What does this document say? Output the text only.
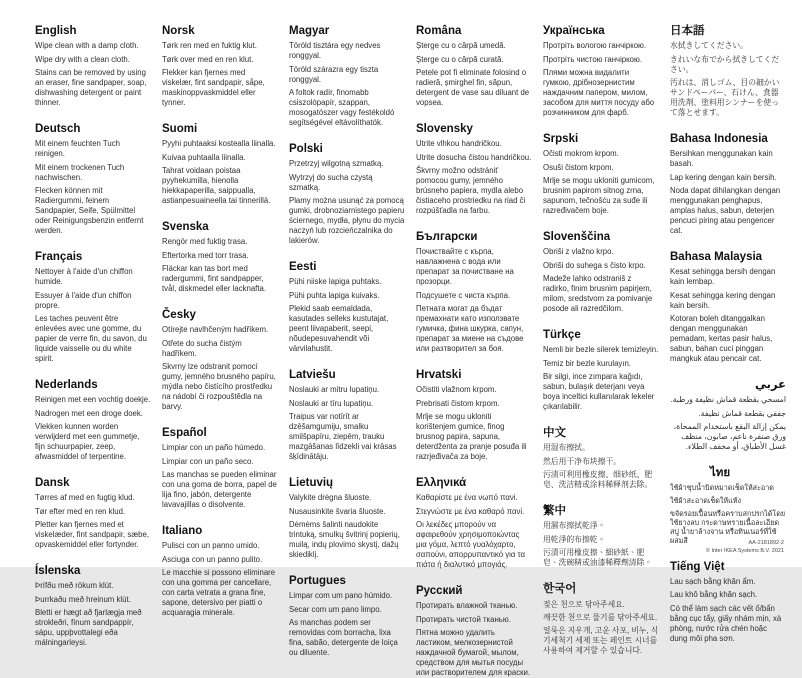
English

Wipe clean with a damp cloth.

Wipe dry with a clean cloth.

Stains can be removed by using an eraser, fine sandpaper, soap, dishwashing detergent or paint thinner.

Deutsch

Mit einem feuchten Tuch reinigen.

Mit einem trockenen Tuch nachwischen.

Flecken können mit Radiergummi, feinem Sandpapier, Seife, Spülmittel oder Reinigungsbenzin entfernt werden.

Français

Nettoyer à l'aide d'un chiffon humide.

Essuyer à l'aide d'un chiffon propre.

Les taches peuvent être enlevées avec une gomme, du papier de verre fin, du savon, du liquide vaisselle ou du white spirit.

Nederlands

Reinigen met een vochtig doekje.

Nadrogen met een droge doek.

Vlekken kunnen worden verwijderd met een gummetje, fijn schuurpapier, zeep, afwasmiddel of terpentine.

Dansk

Tørres af med en fugtig klud.

Tør efter med en ren klud.

Pletter kan fjernes med et viskelæder, fint sandpapir, sæbe, opvaskemiddel eller fortynder.

Íslenska

Þrífðu með rökum klút.

Þurrkaðu með hreinum klút.

Bletti er hægt að fjarlægja með strokleðri, fínum sandpappír, sápu, uppþvottalegi eða málningarleysi.

Norsk

Tørk ren med en fuktig klut.

Tørk over med en ren klut.

Flekker kan fjernes med viskelær, fint sandpapir, såpe, maskinoppvaskmiddel eller tynner.

Suomi

Pyyhi puhtaaksi kostealla liinalla.

Kuivaa puhtaalla liinalla.

Tahrat voidaan poistaa pyyhekumilla, hienolla hiekkapaperilla, saippualla, astianpesuaineella tai tinnerillä.

Svenska

Rengör med fuktig trasa.

Eftertorka med torr trasa.

Fläckar kan tas bort med radergummi, fint sandpapper, tvål, diskmedel eller lacknafta.

Česky

Otírejte navlhčeným hadříkem.

Otřete do sucha čistým hadříkem.

Skvrny lze odstranit pomocí gumy, jemného brusného papíru, mýdla nebo čistícího prostředku na nádobí či rozpouštědla na barvy.

Español

Limpiar con un paño húmedo.

Limpiar con un paño seco.

Las manchas se pueden eliminar con una goma de borra, papel de lija fino, jabón, detergente lavavajillas o disolvente.

Italiano

Pulisci con un panno umido.

Asciuga con un panno pulito.

Le macchie si possono eliminare con una gomma per cancellare, con carta vetrata a grana fine, sapone, detersivo per piatti o acquaragia minerale.

Magyar

Töröld tisztára egy nedves ronggyal.

Töröld szárazra egy tiszta ronggyal.

A foltok radír, finomabb csiszolópapír, szappan, mosogatószer vagy festékoldó segítségével eltávolíthatók.

Polski

Przetrzyj wilgotną szmatką.

Wytrzyj do sucha czystą szmatką.

Plamy można usunąć za pomocą gumki, drobnoziarnistego papieru ściernego, mydła, płynu do mycia naczyń lub rozcieńczalnika do lakierów.

Eesti

Pühi niiske lapiga puhtaks.

Pühi puhta lapiga kuivaks.

Plekid saab eemaldada, kasutades selleks kustutajat, peent liivapaberit, seepi, nõudepesuvahendit või värvilahustit.

Latviešu

Noslauki ar mitru lupatiņu.

Noslauki ar tīru lupatiņu.

Traipus var notīrīt ar dzēšamgumiju, smalku smilšpapīru, ziepēm, trauku mazgāšanas līdzekli vai krāsas šķīdinātāju.

Lietuvių

Valykite drėgna šluoste.

Nusausinkite švaria šluoste.

Dėmėms šalinti naudokite trintuką, smulkų švitrinį popierių, muilą, indų plovimo skystį, dažų skiediklį.

Portugues

Limpar com um pano húmido.

Secar com um pano limpo.

As manchas podem ser removidas com borracha, lixa fina, sabão, detergente de loiça ou diluente.

Româna

Șterge cu o cârpă umedă.

Șterge cu o cârpă curată.

Petele pot fi eliminate folosind o radieră, șmirghel fin, săpun, detergent de vase sau diluant de vopsea.

Slovensky

Utrite vlhkou handričkou.

Utrite dosucha čistou handričkou.

Škvrny možno odstrániť pomocou gumy, jemného brúsneho papiera, mydla alebo čistiaceho prostriedku na riad či rozpúšťadla na farbu.

Български

Почиствайте с кърпа, навлажнена с вода или препарат за почистване на прозорци.

Подсушете с чиста кърпа.

Петната могат да бъдат премахнати като използвате гумичка, фина шкурка, сапун, препарат за миене на съдове или разтворител за боя.

Hrvatski

Očistiti vlažnom krpom.

Prebrisati čistom krpom.

Mrlje se mogu ukloniti korištenjem gumice, finog brusnog papira, sapuna, deterdženta za pranje posuđa ili razrjeđivača za boje.

Ελληνικά

Καθαρίστε με ένα νωπό πανί.

Στεγνώστε με ένα καθαρό πανί.

Οι λεκέδες μπορούν να αφαιρεθούν χρησιμοποιώντας μια γόμα, λεπτό γυαλόχαρτο, σαπούνι, απορρυπαντικό για τα πιάτα ή διαλυτικό μπογιάς.

Русский

Протирать влажной тканью.

Протирать чистой тканью.

Пятна можно удалить ластиком, мелкозернистой наждачной бумагой, мылом, средством для мытья посуды или растворителем для краски.

Українська

Протріть вологою ганчіркою.

Протріть чистою ганчіркою.

Плями можна видалити гумкою, дрібнозернистим наждачним папером, милом, засобом для миття посуду або розчинником для фарб.

Srpski

Očisti mokrom krpom.

Osuši čistom krpom.

Mrlje se mogu ukloniti gumicom, brusnim papirom sitnog zrna, sapunom, tečnošću za suđe ili razređivačem boje.

Slovenščina

Obriši z vlažno krpo.

Obriši do suhega s čisto krpo.

Madeže lahko odstraniš z radirko, finim brusnim papirjem, milom, sredstvom za pomivanje posode ali razredčilom.

Türkçe

Nemli bir bezle silerek temizleyin.

Temiz bir bezle kurulayın.

Bir silgi, ince zımpara kağıdı, sabun, bulaşık deterjanı veya boya inceltici kullanılarak lekeler çıkarılabilir.

中文

用湿布擦拭。

然后用干净布块擦干。

污渍可利用橡皮擦、细砂纸、肥皂、洗洁精或涂料稀释剂去除。

繁中

用濕布擦拭乾淨。

用乾淨的布擦乾。

污漬可用橡皮擦、細砂紙、肥皂、洗碗精或油漆稀釋劑清除。

한국어

젖은 천으로 닦아주세요.

깨끗한 천으로 물기를 닦아주세요.

얼룩은 지우개, 고운 사포, 비누, 식기세척기 세제 또는 페인트 시너를 사용하여 제거할 수 있습니다.

日本語

水拭きしてください。

きれいな布でから拭きしてください。

汚れは、消しゴム、目の細かいサンドペーパー、石けん、食器用洗剤、塗料用シンナーを使って落とせます。

Bahasa Indonesia

Bersihkan menggunakan kain basah.

Lap kering dengan kain bersih.

Noda dapat dihilangkan dengan menggunakan penghapus, amplas halus, sabun, deterjen pencuci piring atau pengencer cat.

Bahasa Malaysia

Kesat sehingga bersih dengan kain lembap.

Kesat sehingga kering dengan kain bersih.

Kotoran boleh ditanggalkan dengan menggunakan pemadam, kertas pasir halus, sabun, bahan cuci pinggan mangkuk atau pencair cat.

عربي

امسحي بقطعة قماش نظيفة ورطبة.

جففي بقطعة قماش نظيفة.

يمكن إزالة البقع باستخدام الممحاة، ورق صنفرة ناعم، صابون، منظف غسل الأطباق، أو مخفف الطلاء.

ไทย

ใช้ผ้าชุบน้ำบิดหมาดเช็ดให้สะอาด

ใช้ผ้าสะอาดเช็ดให้แห้ง

ขจัดรอยเปื้อนหรือคราบสกปรกได้โดยใช้ยางลบ กระดาษทรายเนื้อละเอียด สบู่ น้ำยาล้างจาน หรือทินเนอร์ที่ใช้ผสมสี

Tiếng Việt

Lau sạch bằng khăn ẩm.

Lau khô bằng khăn sạch.

Có thể làm sạch các vết ố/bẩn bằng cục tẩy, giấy nhám mịn, xà phòng, nước rửa chén hoặc dung môi pha sơn.

AA-2181892-2
© Inter IKEA Systems B.V. 2021
